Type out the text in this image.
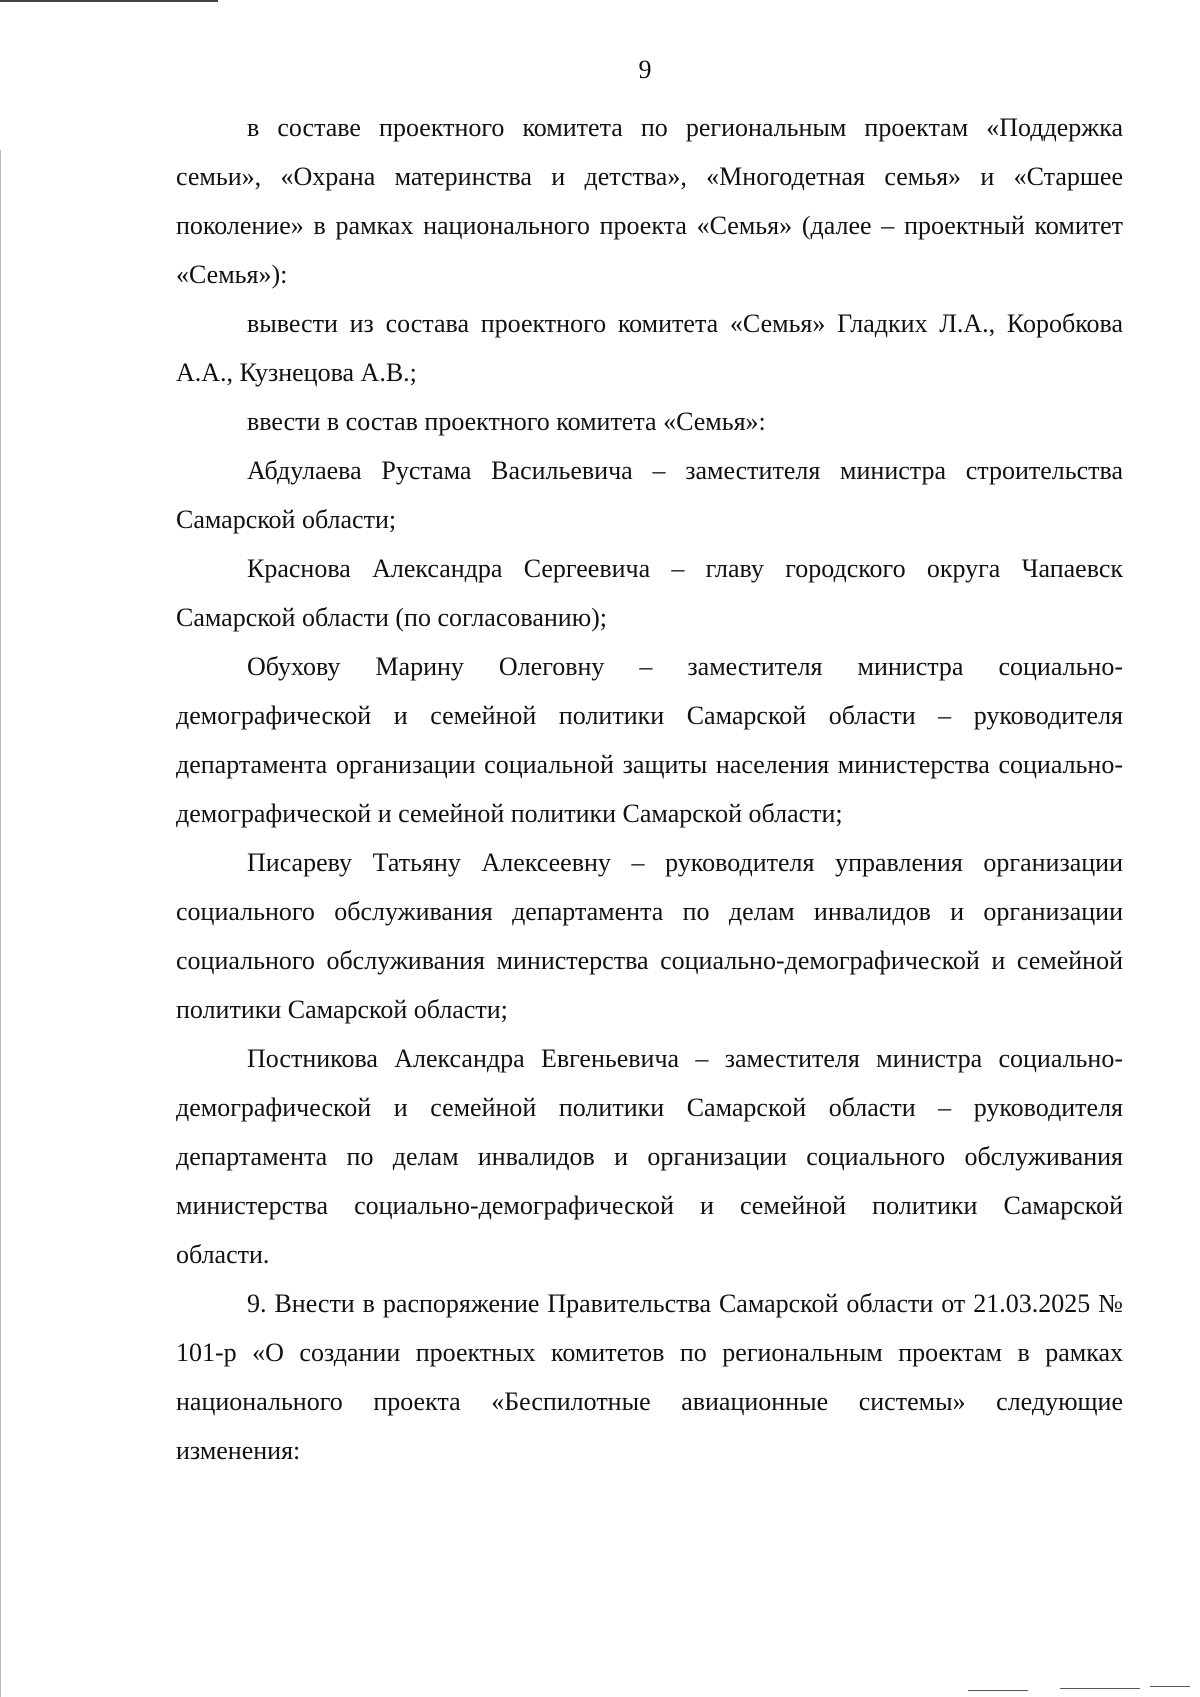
9

в составе проектного комитета по региональным проектам «Поддержка семьи», «Охрана материнства и детства», «Многодетная семья» и «Старшее поколение» в рамках национального проекта «Семья» (далее – проектный комитет «Семья»):

вывести из состава проектного комитета «Семья» Гладких Л.А., Коробкова А.А., Кузнецова А.В.;

ввести в состав проектного комитета «Семья»:

Абдулаева Рустама Васильевича – заместителя министра строительства Самарской области;

Краснова Александра Сергеевича – главу городского округа Чапаевск Самарской области (по согласованию);

Обухову Марину Олеговну – заместителя министра социально-демографической и семейной политики Самарской области – руководителя департамента организации социальной защиты населения министерства социально-демографической и семейной политики Самарской области;

Писареву Татьяну Алексеевну – руководителя управления организации социального обслуживания департамента по делам инвалидов и организации социального обслуживания министерства социально-демографической и семейной политики Самарской области;

Постникова Александра Евгеньевича – заместителя министра социально-демографической и семейной политики Самарской области – руководителя департамента по делам инвалидов и организации социального обслуживания министерства социально-демографической и семейной политики Самарской области.

9. Внести в распоряжение Правительства Самарской области от 21.03.2025 № 101-р «О создании проектных комитетов по региональным проектам в рамках национального проекта «Беспилотные авиационные системы» следующие изменения:
